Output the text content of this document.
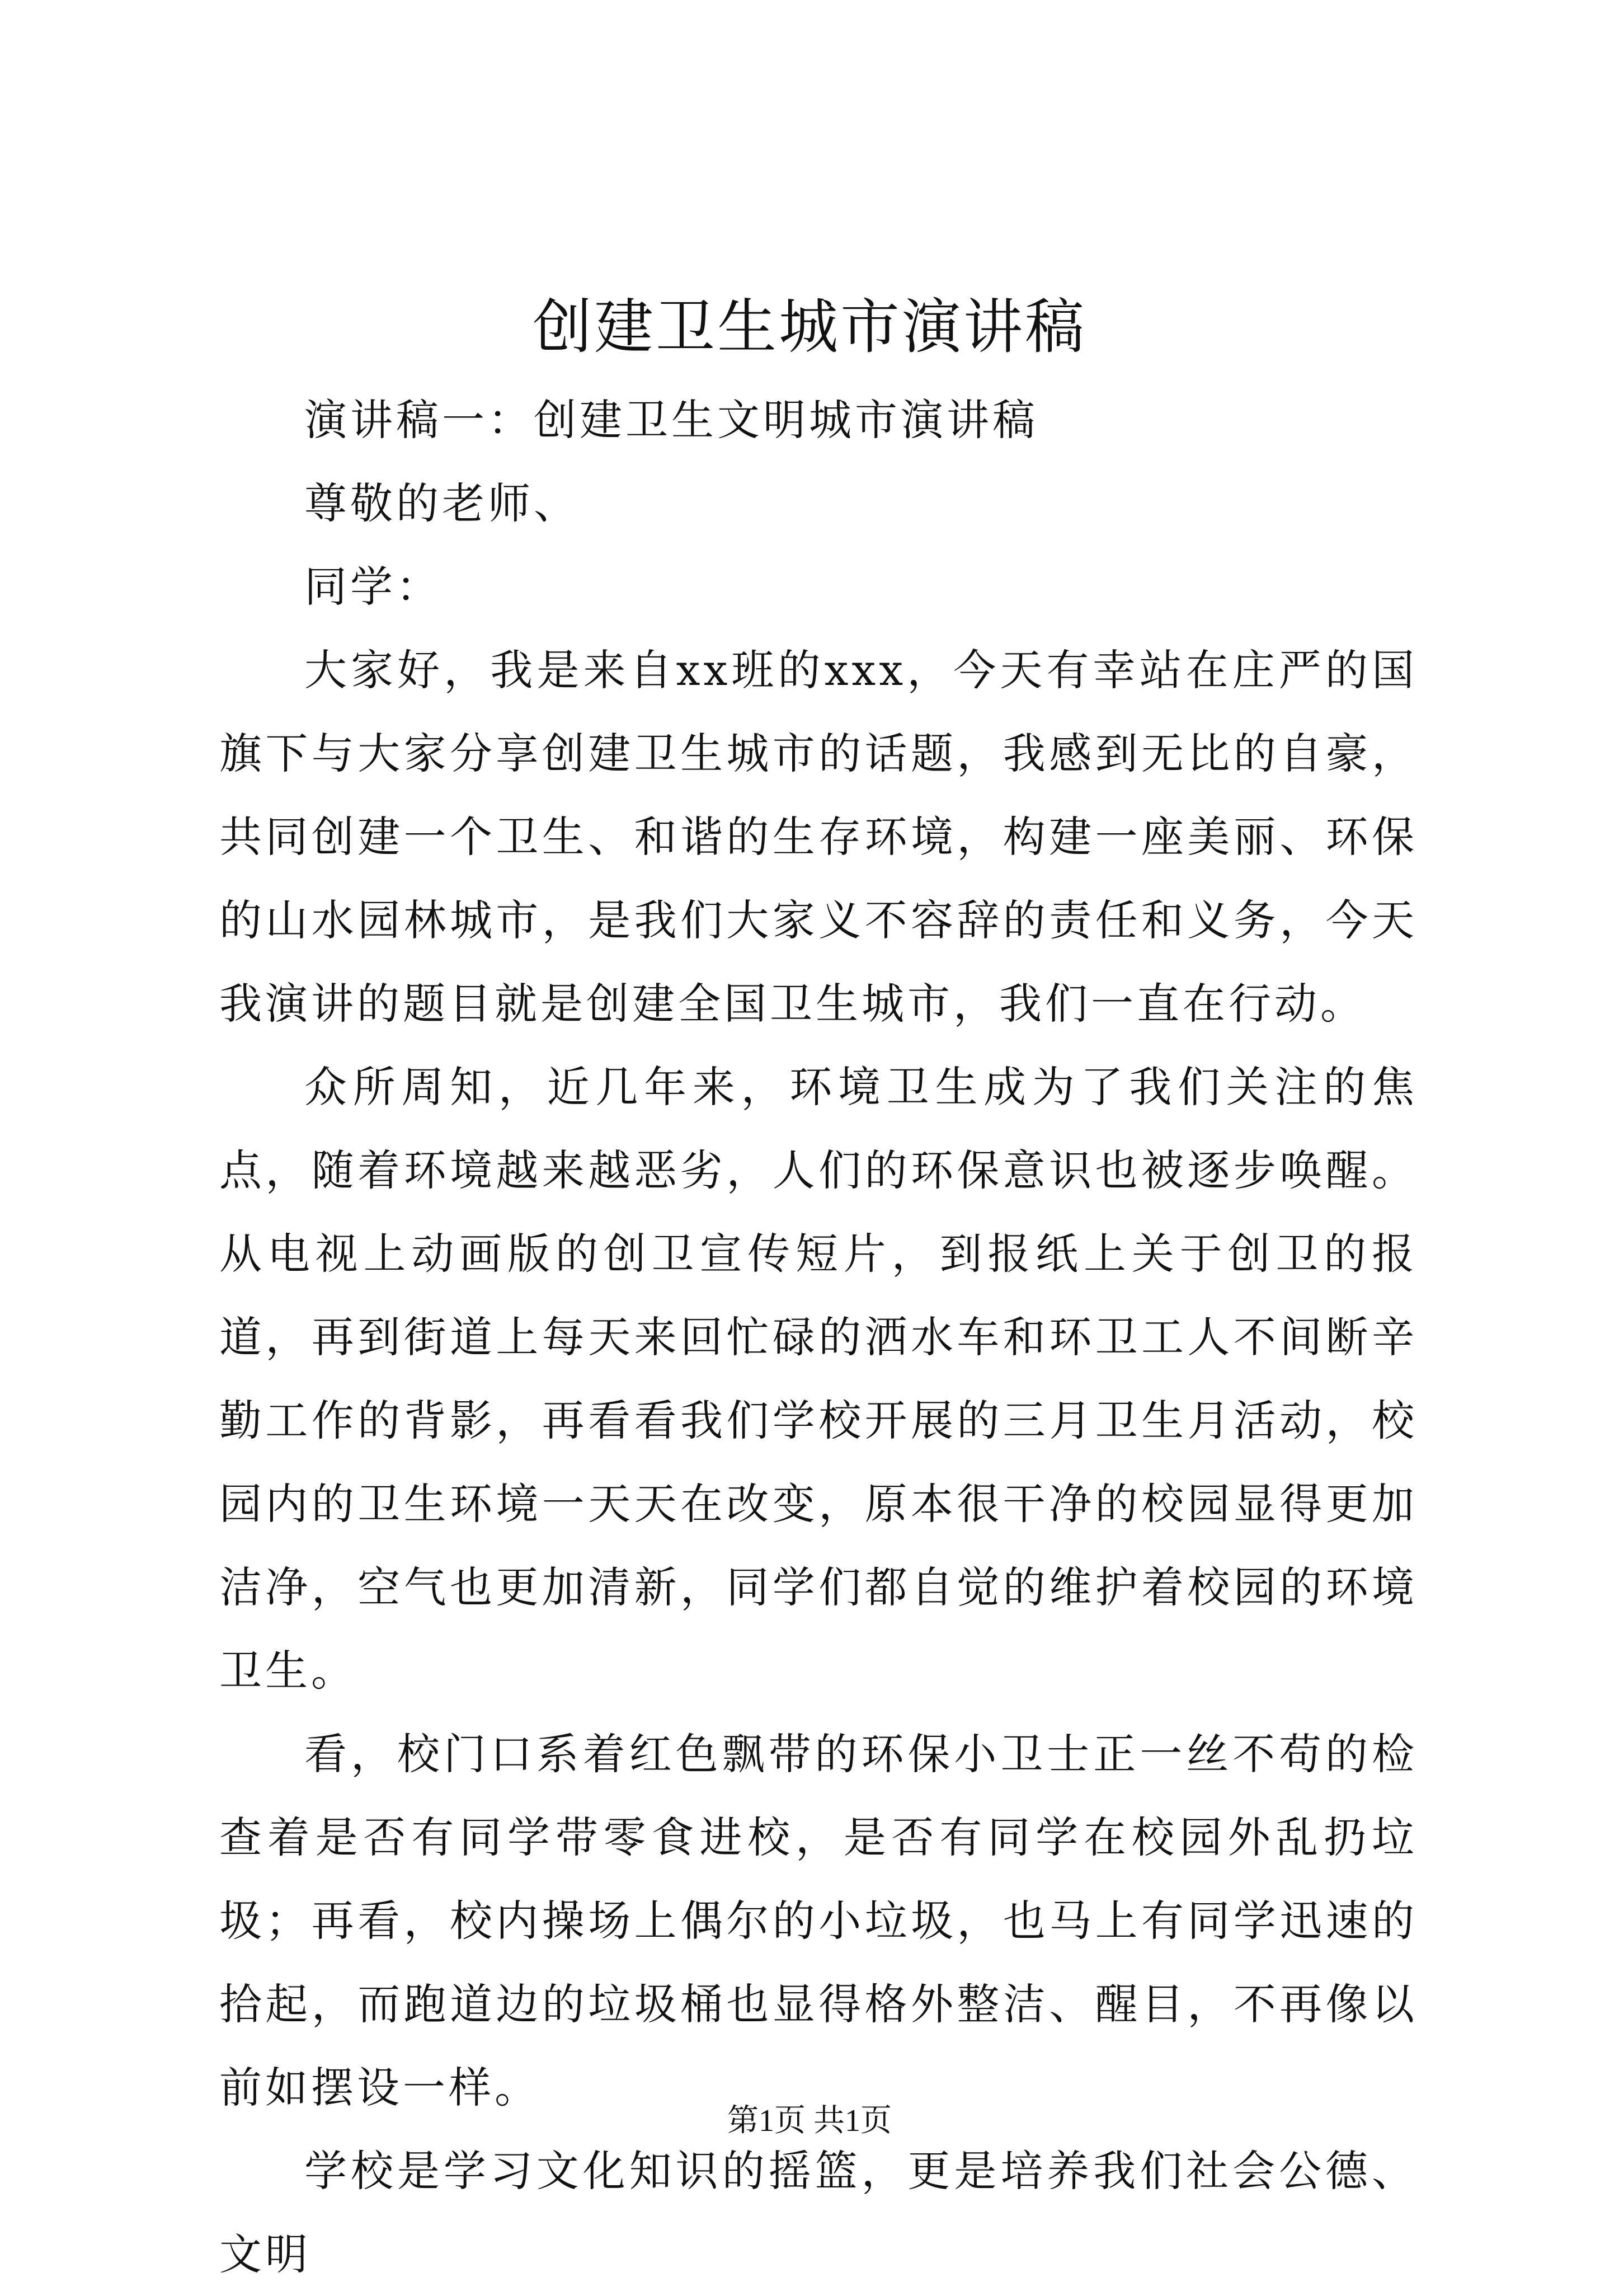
创建卫生城市演讲稿

演讲稿一：创建卫生文明城市演讲稿

尊敬的老师、

同学：

大家好，我是来自xx班的xxx，今天有幸站在庄严的国旗下与大家分享创建卫生城市的话题，我感到无比的自豪，共同创建一个卫生、和谐的生存环境，构建一座美丽、环保的山水园林城市，是我们大家义不容辞的责任和义务，今天我演讲的题目就是创建全国卫生城市，我们一直在行动。

众所周知，近几年来，环境卫生成为了我们关注的焦点，随着环境越来越恶劣，人们的环保意识也被逐步唤醒。从电视上动画版的创卫宣传短片，到报纸上关于创卫的报道，再到街道上每天来回忙碌的洒水车和环卫工人不间断辛勤工作的背影，再看看我们学校开展的三月卫生月活动，校园内的卫生环境一天天在改变，原本很干净的校园显得更加洁净，空气也更加清新，同学们都自觉的维护着校园的环境卫生。

看，校门口系着红色飘带的环保小卫士正一丝不苟的检查着是否有同学带零食进校，是否有同学在校园外乱扔垃圾；再看，校内操场上偶尔的小垃圾，也马上有同学迅速的拾起，而跑道边的垃圾桶也显得格外整洁、醒目，不再像以前如摆设一样。

学校是学习文化知识的摇篮，更是培养我们社会公德、文明

第1页 共1页
